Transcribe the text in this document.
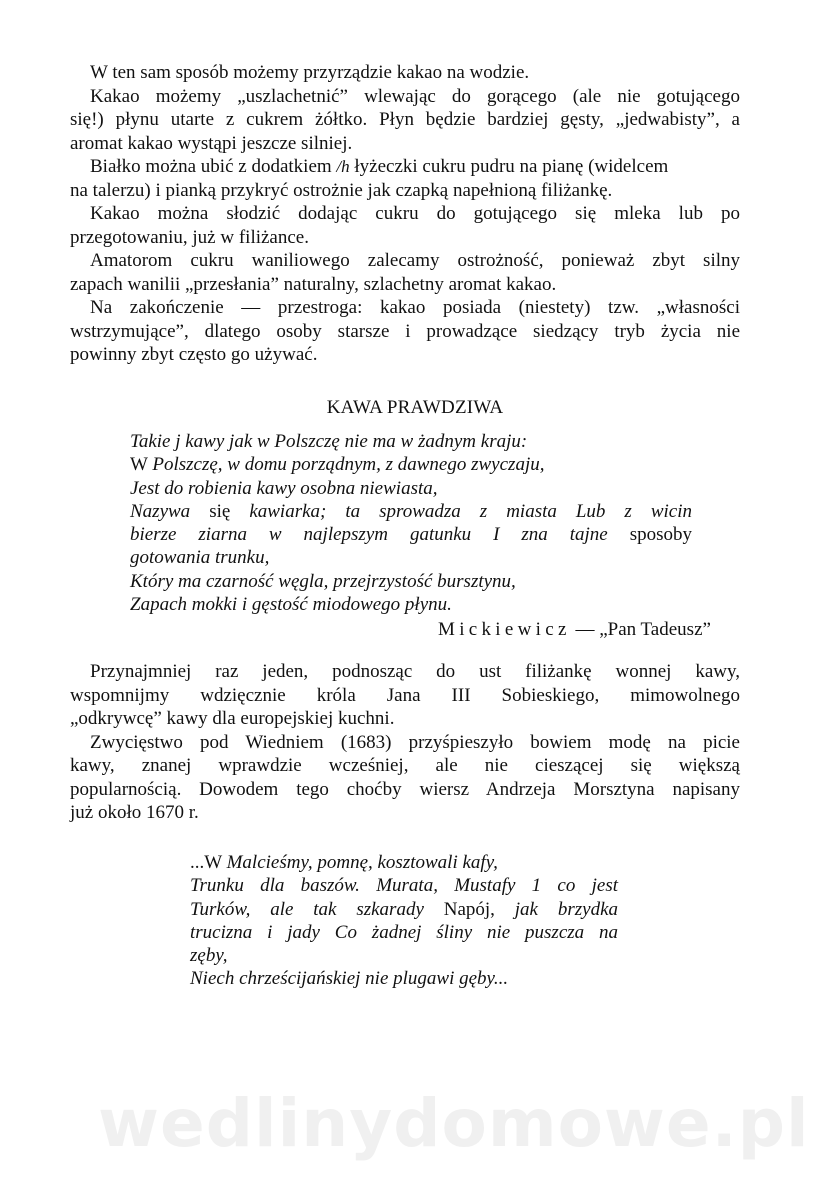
W ten sam sposób możemy przyrządzie kakao na wodzie.

Kakao możemy „uszlachetnić” wlewając do gorącego (ale nie gotującego
się!) płynu utarte z cukrem żółtko. Płyn będzie bardziej gęsty, „jedwabisty”, a
aromat kakao wystąpi jeszcze silniej.

Białko można ubić z dodatkiem /h łyżeczki cukru pudru na pianę (widelcem
na talerzu) i pianką przykryć ostrożnie jak czapką napełnioną filiżankę.

Kakao można słodzić dodając cukru do gotującego się mleka lub po
przegotowaniu, już w filiżance.

Amatorom cukru waniliowego zalecamy ostrożność, ponieważ zbyt silny
zapach wanilii „przesłania” naturalny, szlachetny aromat kakao.

Na zakończenie — przestroga: kakao posiada (niestety) tzw. „własności
wstrzymujące”, dlatego osoby starsze i prowadzące siedzący tryb życia nie
powinny zbyt często go używać.

KAWA PRAWDZIWA
Takie j kawy jak w Polszczę nie ma w żadnym kraju:
W Polszczę, w domu porządnym, z dawnego zwyczaju,
Jest do robienia kawy osobna niewiasta,
Nazywa się kawiarka; ta sprowadza z miasta Lub z wicin
bierze ziarna w najlepszym gatunku I zna tajne sposoby
gotowania trunku,
Który ma czarność węgla, przejrzystość bursztynu,
Zapach mokki i gęstość miodowego płynu.
Mickiewicz — „Pan Tadeusz”

Przynajmniej raz jeden, podnosząc do ust filiżankę wonnej kawy,
wspomnijmy wdzięcznie króla Jana III Sobieskiego, mimowolnego
„odkrywcę” kawy dla europejskiej kuchni.

Zwycięstwo pod Wiedniem (1683) przyśpieszyło bowiem modę na picie
kawy, znanej wprawdzie wcześniej, ale nie cieszącej się większą
popularnością. Dowodem tego choćby wiersz Andrzeja Morsztyna napisany
już około 1670 r.

...W Malcieśmy, pomnę, kosztowali kafy,
Trunku dla baszów. Murata, Mustafy 1 co jest
Turków, ale tak szkarady Napój, jak brzydka
trucizna i jady Co żadnej śliny nie puszcza na
zęby,
Niech chrześcijańskiej nie plugawi gęby...
wedlinydomowe.pl
